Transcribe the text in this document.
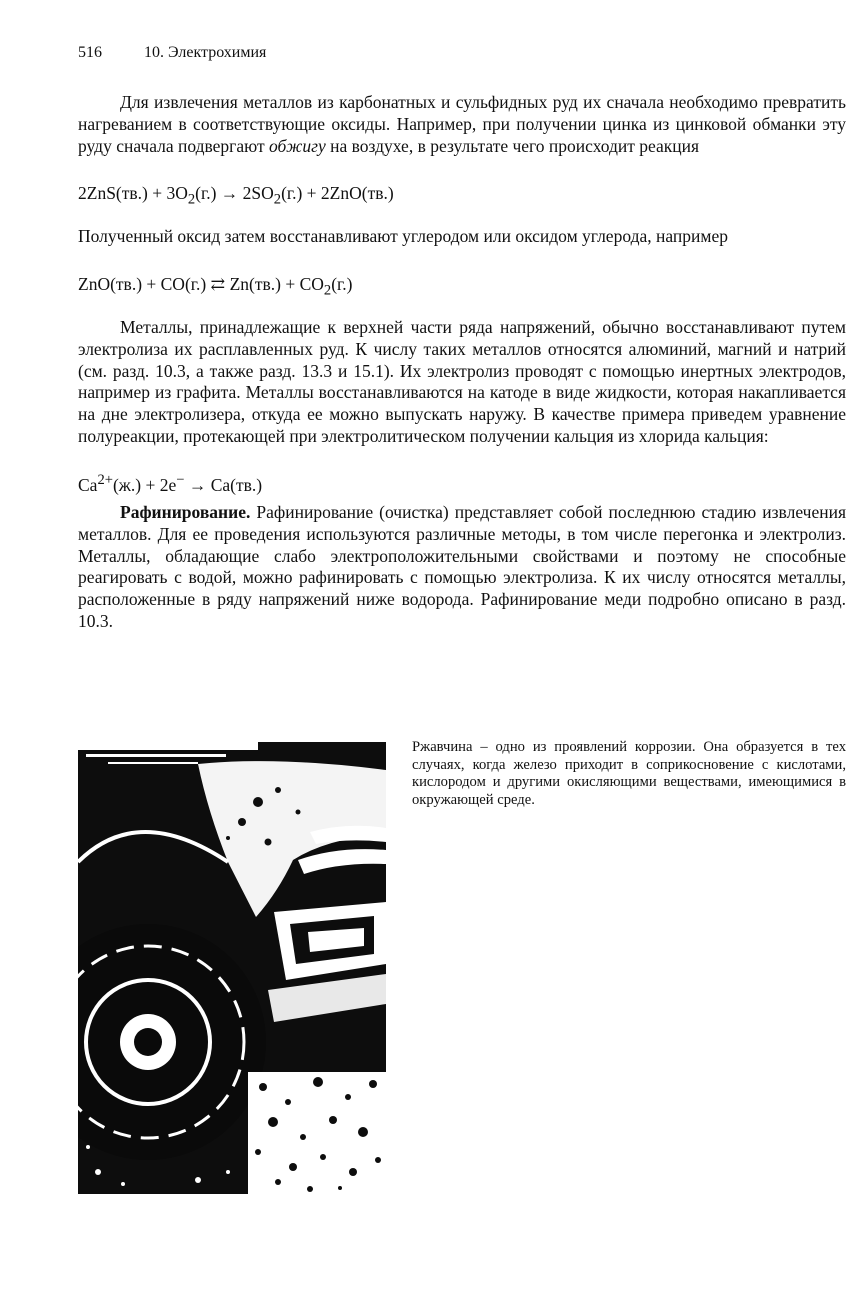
516	10. Электрохимия

Для извлечения металлов из карбонатных и сульфидных руд их сначала необходимо превратить нагреванием в соответствующие оксиды. Например, при получении цинка из цинковой обманки эту руду сначала подвергают обжигу на воздухе, в результате чего происходит реакция

$2ZnS(тв.) + 3O_2(г.) \to 2SO_2(г.) + 2ZnO(тв.)$

Полученный оксид затем восстанавливают углеродом или оксидом углерода, например

ZnO(тв.) + CO(г.) ⇄ $Zn(тв.) + CO_2(г.)$

Металлы, принадлежащие к верхней части ряда напряжений, обычно восстанавливают путем электролиза их расплавленных руд. К числу таких металлов относятся алюминий, магний и натрий (см. разд. 10.3, а также разд. 13.3 и 15.1). Их электролиз проводят с помощью инертных электродов, например из графита. Металлы восстанавливаются на катоде в виде жидкости, которая накапливается на дне электролизера, откуда ее можно выпускать наружу. В качестве примера приведем уравнение полуреакции, протекающей при электролитическом получении кальция из хлорида кальция:

$Ca^{2+}(ж.) + 2e^- \to Ca(тв.)$

Рафинирование. Рафинирование (очистка) представляет собой последнюю стадию извлечения металлов. Для ее проведения используются различные методы, в том числе перегонка и электролиз. Металлы, обладающие слабо электроположительными свойствами и поэтому не способные реагировать с водой, можно рафинировать с помощью электролиза. К их числу относятся металлы, расположенные в ряду напряжений ниже водорода. Рафинирование меди подробно описано в разд. 10.3.

Ржавчина – одно из проявлений коррозии. Она образуется в тех случаях, когда железо приходит в соприкосновение с кислотами, кислородом и другими окисляющими веществами, имеющимися в окружающей среде.
